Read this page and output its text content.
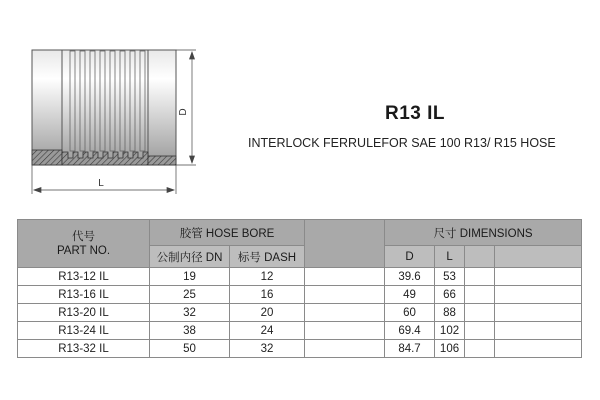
D
L
R13 IL
INTERLOCK FERRULEFOR SAE 100 R13/ R15 HOSE
代号
PART NO.	胶管 HOSE BORE			尺寸 DIMENSIONS			
	公制内径 DN	标号 DASH		D	L		
R13-12 IL	19	12		39.6	53		
R13-16 IL	25	16		49	66		
R13-20 IL	32	20		60	88		
R13-24 IL	38	24		69.4	102		
R13-32 IL	50	32		84.7	106		
